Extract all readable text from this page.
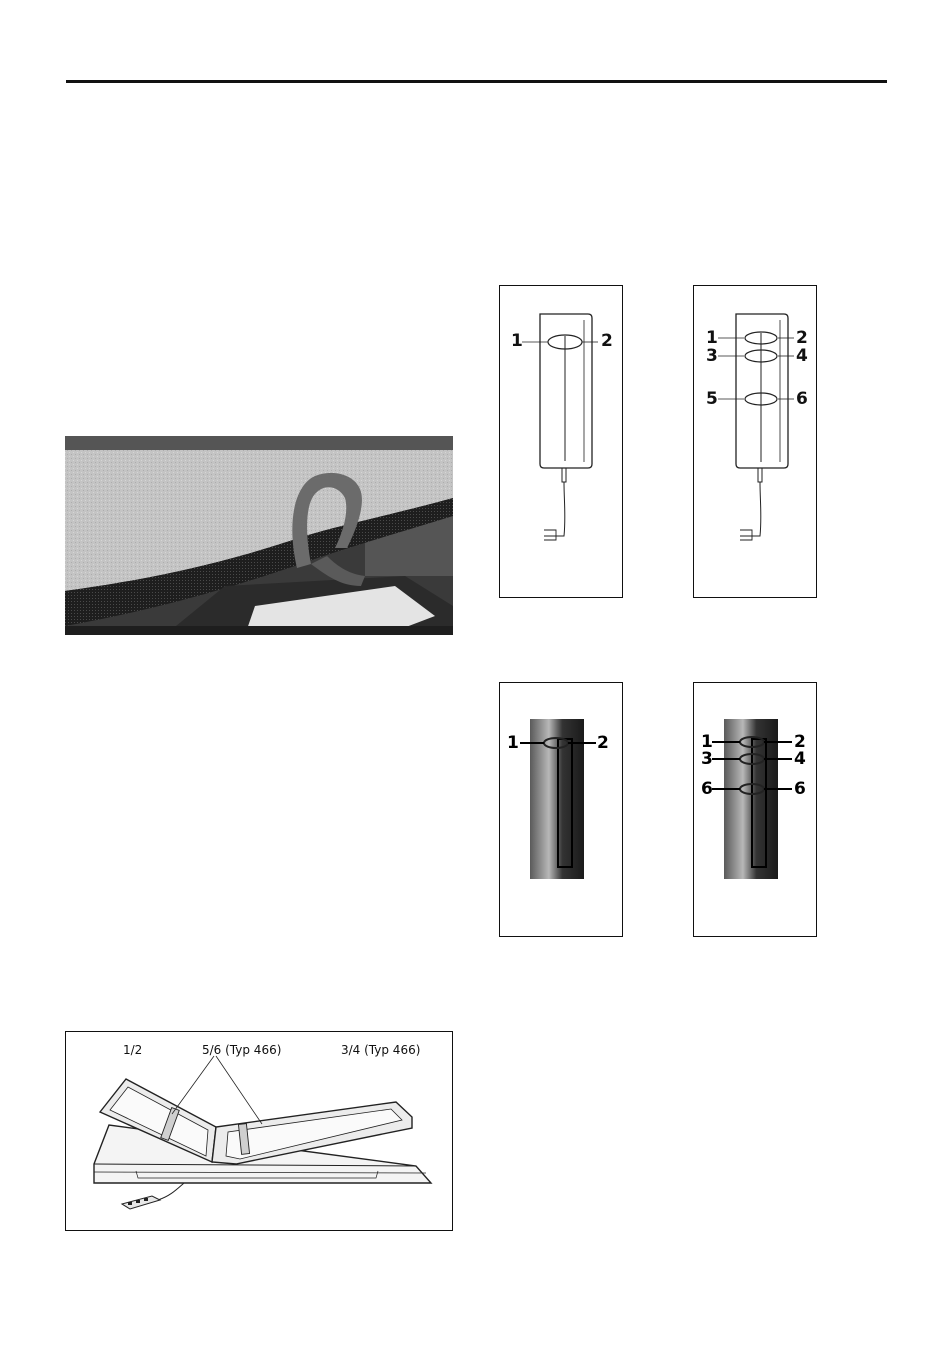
1	2	1	2
3	4
5	6
1	2	1	2
3	4
6	6
1/2	5/6 (Typ 466)	3/4 (Typ 466)
